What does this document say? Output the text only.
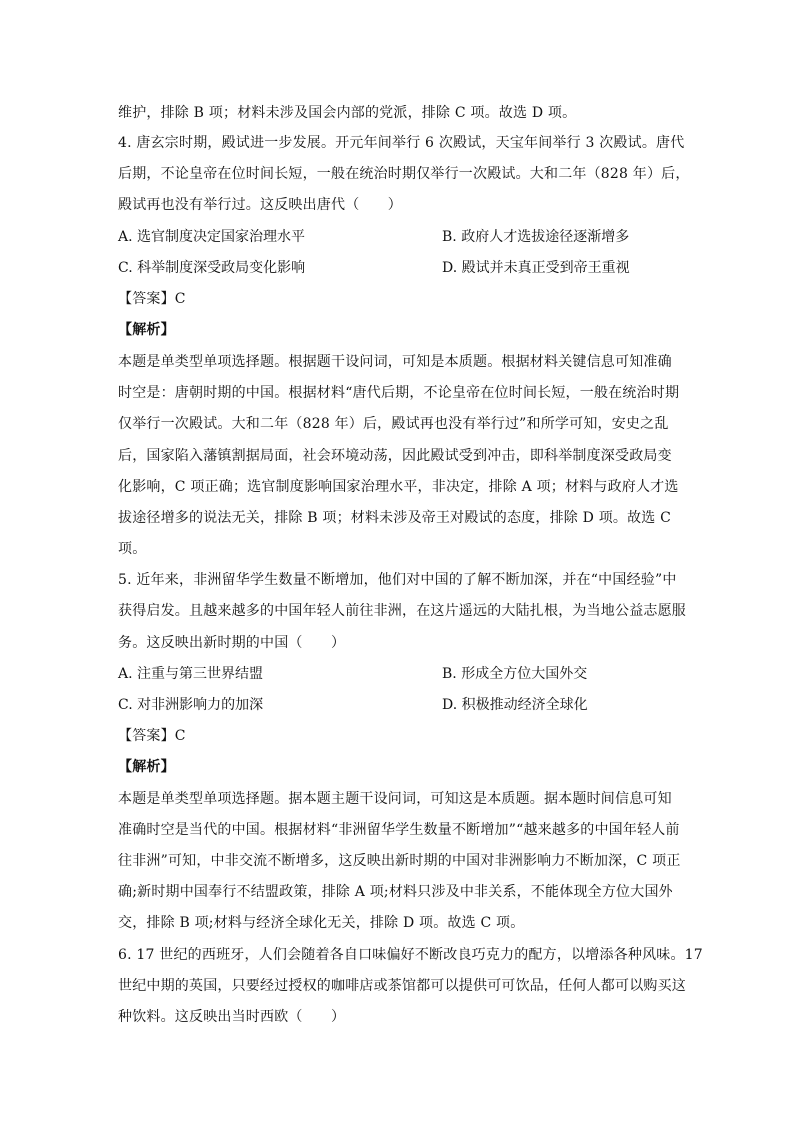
维护，排除 B 项；材料未涉及国会内部的党派，排除 C 项。故选 D 项。
4. 唐玄宗时期，殿试进一步发展。开元年间举行 6 次殿试，天宝年间举行 3 次殿试。唐代
后期，不论皇帝在位时间长短，一般在统治时期仅举行一次殿试。大和二年（828 年）后，
殿试再也没有举行过。这反映出唐代（　　）
A. 选官制度决定国家治理水平	B. 政府人才选拔途径逐渐增多
C. 科举制度深受政局变化影响	D. 殿试并未真正受到帝王重视
【答案】C
【解析】
本题是单类型单项选择题。根据题干设问词，可知是本质题。根据材料关键信息可知准确
时空是：唐朝时期的中国。根据材料“唐代后期，不论皇帝在位时间长短，一般在统治时期
仅举行一次殿试。大和二年（828 年）后，殿试再也没有举行过”和所学可知，安史之乱
后，国家陷入藩镇割据局面，社会环境动荡，因此殿试受到冲击，即科举制度深受政局变
化影响，C 项正确；选官制度影响国家治理水平，非决定，排除 A 项；材料与政府人才选
拔途径增多的说法无关，排除 B 项；材料未涉及帝王对殿试的态度，排除 D 项。故选 C
项。
5. 近年来，非洲留华学生数量不断增加，他们对中国的了解不断加深，并在“中国经验”中
获得启发。且越来越多的中国年轻人前往非洲，在这片遥远的大陆扎根，为当地公益志愿服
务。这反映出新时期的中国（　　）
A. 注重与第三世界结盟	B. 形成全方位大国外交
C. 对非洲影响力的加深	D. 积极推动经济全球化
【答案】C
【解析】
本题是单类型单项选择题。据本题主题干设问词，可知这是本质题。据本题时间信息可知
准确时空是当代的中国。根据材料“非洲留华学生数量不断增加”“越来越多的中国年轻人前
往非洲”可知，中非交流不断增多，这反映出新时期的中国对非洲影响力不断加深，C 项正
确;新时期中国奉行不结盟政策，排除 A 项;材料只涉及中非关系，不能体现全方位大国外
交，排除 B 项;材料与经济全球化无关，排除 D 项。故选 C 项。
6. 17 世纪的西班牙，人们会随着各自口味偏好不断改良巧克力的配方，以增添各种风味。17
世纪中期的英国，只要经过授权的咖啡店或茶馆都可以提供可可饮品，任何人都可以购买这
种饮料。这反映出当时西欧（　　）
